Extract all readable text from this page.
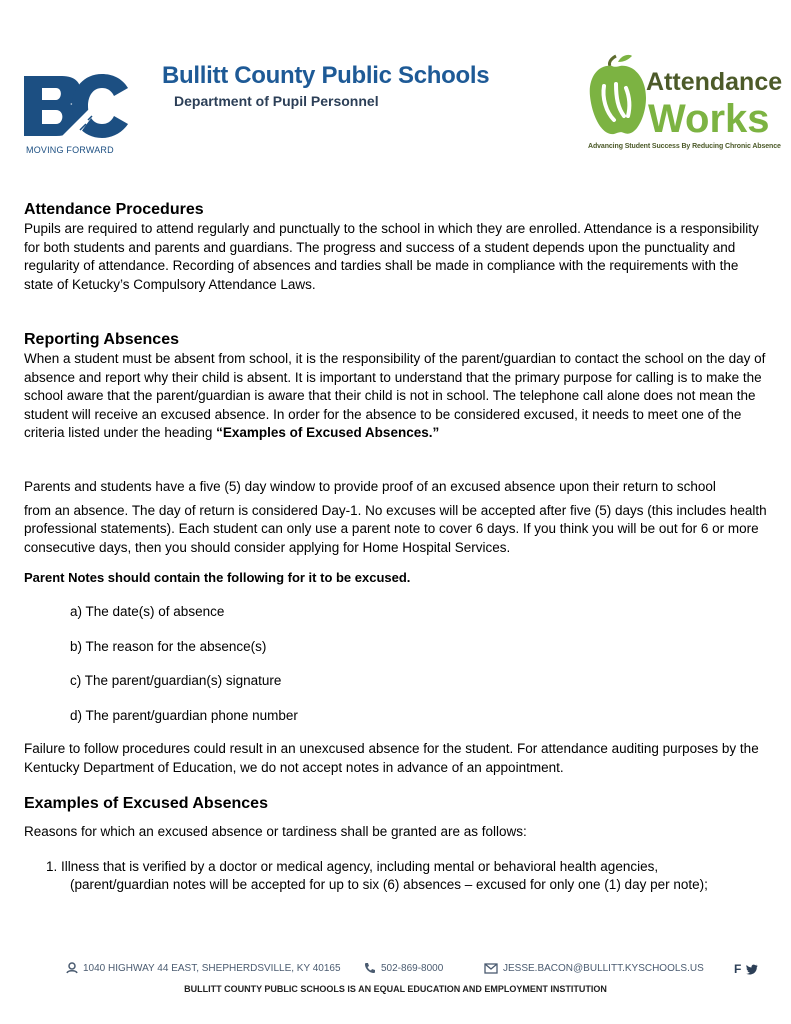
MOVING FORWARD
Bullitt County Public Schools
Department of Pupil Personnel
Attendance
Works
Advancing Student Success By Reducing Chronic Absence
Attendance Procedures

Pupils are required to attend regularly and punctually to the school in which they are enrolled. Attendance is a responsibility for both students and parents and guardians. The progress and success of a student depends upon the punctuality and regularity of attendance. Recording of absences and tardies shall be made in compliance with the requirements with the state of Ketucky’s Compulsory Attendance Laws.

Reporting Absences

When a student must be absent from school, it is the responsibility of the parent/guardian to contact the school on the day of absence and report why their child is absent. It is important to understand that the primary purpose for calling is to make the school aware that the parent/guardian is aware that their child is not in school. The telephone call alone does not mean the student will receive an excused absence. In order for the absence to be considered excused, it needs to meet one of the criteria listed under the heading “Examples of Excused Absences.”

Parents and students have a five (5) day window to provide proof of an excused absence upon their return to school

from an absence. The day of return is considered Day-1. No excuses will be accepted after five (5) days (this includes health professional statements). Each student can only use a parent note to cover 6 days. If you think you will be out for 6 or more consecutive days, then you should consider applying for Home Hospital Services.

Parent Notes should contain the following for it to be excused.

a) The date(s) of absence
b) The reason for the absence(s)
c) The parent/guardian(s) signature
d) The parent/guardian phone number

Failure to follow procedures could result in an unexcused absence for the student. For attendance auditing purposes by the Kentucky Department of Education, we do not accept notes in advance of an appointment.

Examples of Excused Absences

Reasons for which an excused absence or tardiness shall be granted are as follows:

1. Illness that is verified by a doctor or medical agency, including mental or behavioral health agencies,

(parent/guardian notes will be accepted for up to six (6) absences – excused for only one (1) day per note);

1040 HIGHWAY 44 EAST, SHEPHERDSVILLE, KY 40165	502-869-8000	JESSE.BACON@BULLITT.KYSCHOOLS.US	F
BULLITT COUNTY PUBLIC SCHOOLS IS AN EQUAL EDUCATION AND EMPLOYMENT INSTITUTION
